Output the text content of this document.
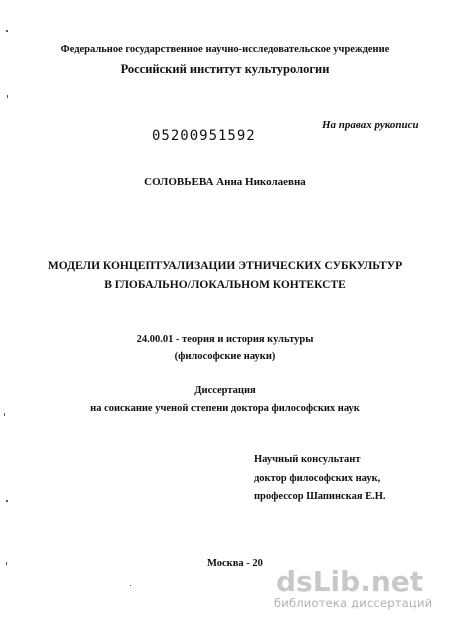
Федеральное государственное научно-исследовательское учреждение
Российский институт культурологии
05200951592
На правах рукописи
СОЛОВЬЕВА Анна Николаевна
МОДЕЛИ КОНЦЕПТУАЛИЗАЦИИ ЭТНИЧЕСКИХ СУБКУЛЬТУР
В ГЛОБАЛЬНО/ЛОКАЛЬНОМ КОНТЕКСТЕ
24.00.01 - теория и история культуры
(философские науки)
Диссертация
на соискание ученой степени доктора философских наук
Научный консультант
доктор философских наук,
профессор Шапинская Е.Н.
Москва - 20
dsLib.net
библиотека диссертаций
